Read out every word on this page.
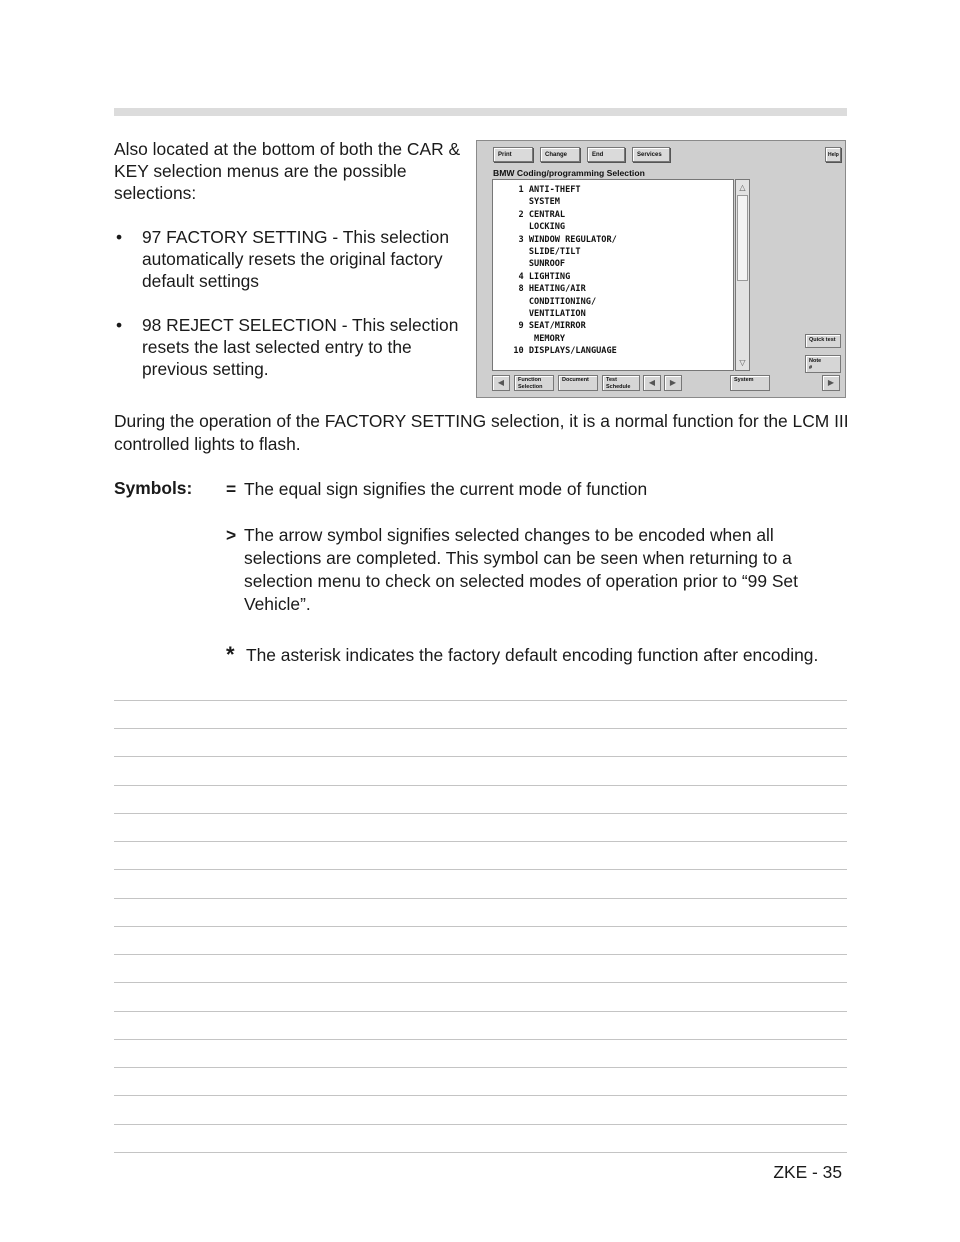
Also located at the bottom of both the CAR & KEY selection menus are the possible selections:

• 97 FACTORY SETTING - This selection automatically resets the original factory default settings
• 98 REJECT SELECTION - This selection resets the last selected entry to the previous setting.
Print	Change	End	Services	Help
BMW Coding/programming Selection
1 ANTI-THEFT
SYSTEM
2 CENTRAL
LOCKING
3 WINDOW REGULATOR/
SLIDE/TILT
SUNROOF
4 LIGHTING
8 HEATING/AIR
CONDITIONING/
VENTILATION
9 SEAT/MIRROR
MEMORY
10 DISPLAYS/LANGUAGE
△
▽
Quick test
Note
#
◀	Function
Selection
Document	Test
Schedule	◀	▶	System	▶
During the operation of the FACTORY SETTING selection, it is a normal function for the LCM III controlled lights to flash.
Symbols: = The equal sign signifies the current mode of function
> The arrow symbol signifies selected changes to be encoded when all selections are completed. This symbol can be seen when returning to a selection menu to check on selected modes of operation prior to “99 Set Vehicle”.
* The asterisk indicates the factory default encoding function after encoding.
ZKE - 35
